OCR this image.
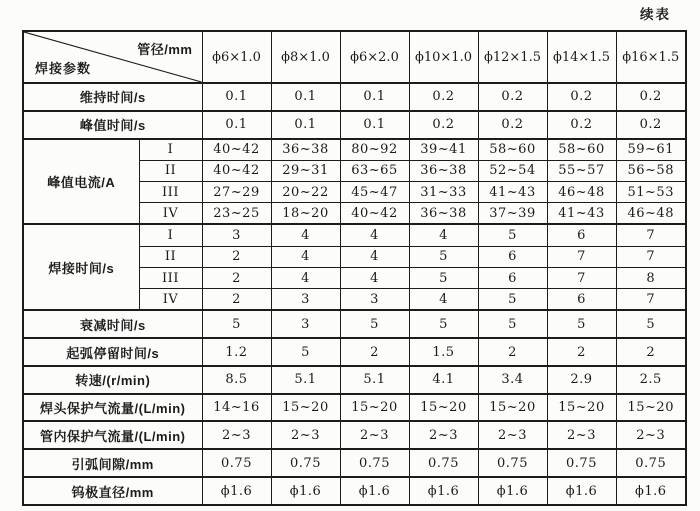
续表
管径/mm
焊接参数		ϕ6×1.0	ϕ8×1.0	ϕ6×2.0	ϕ10×1.0	ϕ12×1.5	ϕ14×1.5	ϕ16×1.5
维持时间/s		0.1	0.1	0.1	0.2	0.2	0.2	0.2
峰值时间/s		0.1	0.1	0.1	0.2	0.2	0.2	0.2
峰值电流/A	I	40~42	36~38	80~92	39~41	58~60	58~60	59~61
	II	40~42	29~31	63~65	36~38	52~54	55~57	56~58
	III	27~29	20~22	45~47	31~33	41~43	46~48	51~53
	IV	23~25	18~20	40~42	36~38	37~39	41~43	46~48
焊接时间/s	I	3	4	4	4	5	6	7
	II	2	4	4	5	6	7	7
	III	2	4	4	5	6	7	8
	IV	2	3	3	4	5	6	7
衰减时间/s		5	3	5	5	5	5	5
起弧停留时间/s		1.2	5	2	1.5	2	2	2
转速/(r/min)		8.5	5.1	5.1	4.1	3.4	2.9	2.5
焊头保护气流量/(L/min)		14~16	15~20	15~20	15~20	15~20	15~20	15~20
管内保护气流量/(L/min)		2~3	2~3	2~3	2~3	2~3	2~3	2~3
引弧间隙/mm		0.75	0.75	0.75	0.75	0.75	0.75	0.75
钨极直径/mm		ϕ1.6	ϕ1.6	ϕ1.6	ϕ1.6	ϕ1.6	ϕ1.6	ϕ1.6
